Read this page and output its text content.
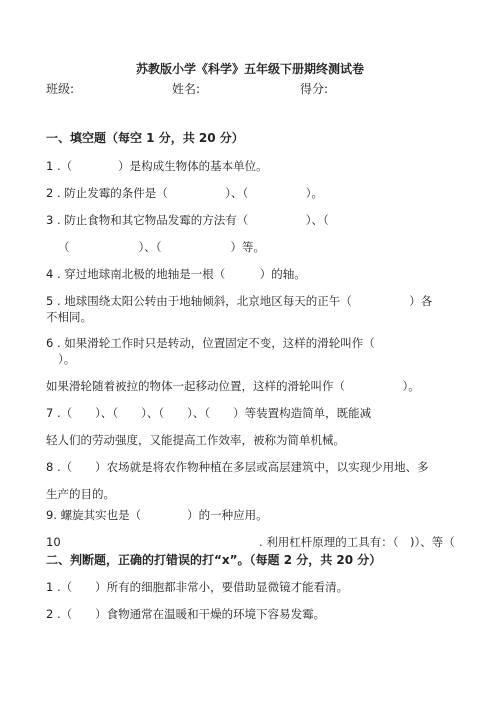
苏教版小学《科学》五年级下册期终测试卷
班级:	姓名:	得分:
一、填空题（每空 1 分，共 20 分）
1 .（　　　　）是构成生物体的基本单位。
2 . 防止发霉的条件是（　　　　　）、（　　　　　）。
3 . 防止食物和其它物品发霉的方法有（　　　　　）、（
（　　　　　　）、（　　　　　　）等。
4 . 穿过地球南北极的地轴是一根（　　　）的轴。
5 . 地球围绕太阳公转由于地轴倾斜，北京地区每天的正午（　　　　　）各
不相同。
6 . 如果滑轮工作时只是转动，位置固定不变，这样的滑轮叫作（
）。
如果滑轮随着被拉的物体一起移动位置，这样的滑轮叫作（　　　　　）。
7 .（　　）、（　　）、（　　）、（　　）等装置构造简单，既能减
轻人们的劳动强度，又能提高工作效率，被称为简单机械。
8 .（　　）农场就是将农作物种植在多层或高层建筑中，以实现少用地、多
生产的目的。
9. 螺旋其实也是（　　　　）的一种应用。
10	. 利用杠杆原理的工具有：（　)）、等（
二、判断题，正确的打错误的打“x”。（每题 2 分，共 20 分）
1 .（　　）所有的细胞都非常小，要借助显微镜才能看清。
2 .（　　）食物通常在温暖和干燥的环境下容易发霉。
